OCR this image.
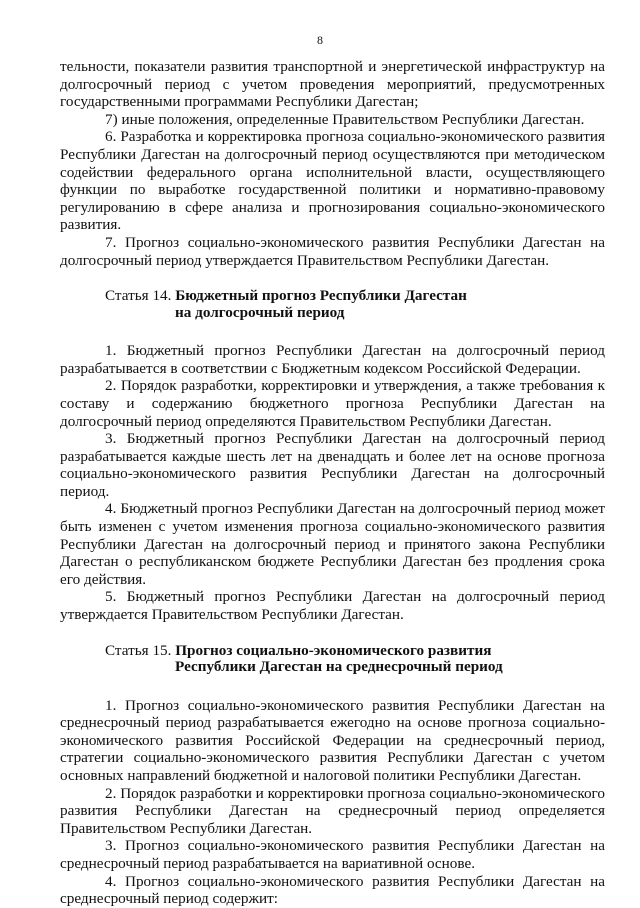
8

тельности, показатели развития транспортной и энергетической инфраструктур на долгосрочный период с учетом проведения мероприятий, предусмотренных государственными программами Республики Дагестан;

7) иные положения, определенные Правительством Республики Дагестан.

6. Разработка и корректировка прогноза социально-экономического развития Республики Дагестан на долгосрочный период осуществляются при методическом содействии федерального органа исполнительной власти, осуществляющего функции по выработке государственной политики и нормативно-правовому регулированию в сфере анализа и прогнозирования социально-экономического развития.

7. Прогноз социально-экономического развития Республики Дагестан на долгосрочный период утверждается Правительством Республики Дагестан.

Статья 14. Бюджетный прогноз Республики Дагестан
на долгосрочный период

1. Бюджетный прогноз Республики Дагестан на долгосрочный период разрабатывается в соответствии с Бюджетным кодексом Российской Федерации.

2. Порядок разработки, корректировки и утверждения, а также требования к составу и содержанию бюджетного прогноза Республики Дагестан на долгосрочный период определяются Правительством Республики Дагестан.

3. Бюджетный прогноз Республики Дагестан на долгосрочный период разрабатывается каждые шесть лет на двенадцать и более лет на основе прогноза социально-экономического развития Республики Дагестан на долгосрочный период.

4. Бюджетный прогноз Республики Дагестан на долгосрочный период может быть изменен с учетом изменения прогноза социально-экономического развития Республики Дагестан на долгосрочный период и принятого закона Республики Дагестан о республиканском бюджете Республики Дагестан без продления срока его действия.

5. Бюджетный прогноз Республики Дагестан на долгосрочный период утверждается Правительством Республики Дагестан.

Статья 15. Прогноз социально-экономического развития
Республики Дагестан на среднесрочный период

1. Прогноз социально-экономического развития Республики Дагестан на среднесрочный период разрабатывается ежегодно на основе прогноза социально-экономического развития Российской Федерации на среднесрочный период, стратегии социально-экономического развития Республики Дагестан с учетом основных направлений бюджетной и налоговой политики Республики Дагестан.

2. Порядок разработки и корректировки прогноза социально-экономического развития Республики Дагестан на среднесрочный период определяется Правительством Республики Дагестан.

3. Прогноз социально-экономического развития Республики Дагестан на среднесрочный период разрабатывается на вариативной основе.

4. Прогноз социально-экономического развития Республики Дагестан на среднесрочный период содержит:
